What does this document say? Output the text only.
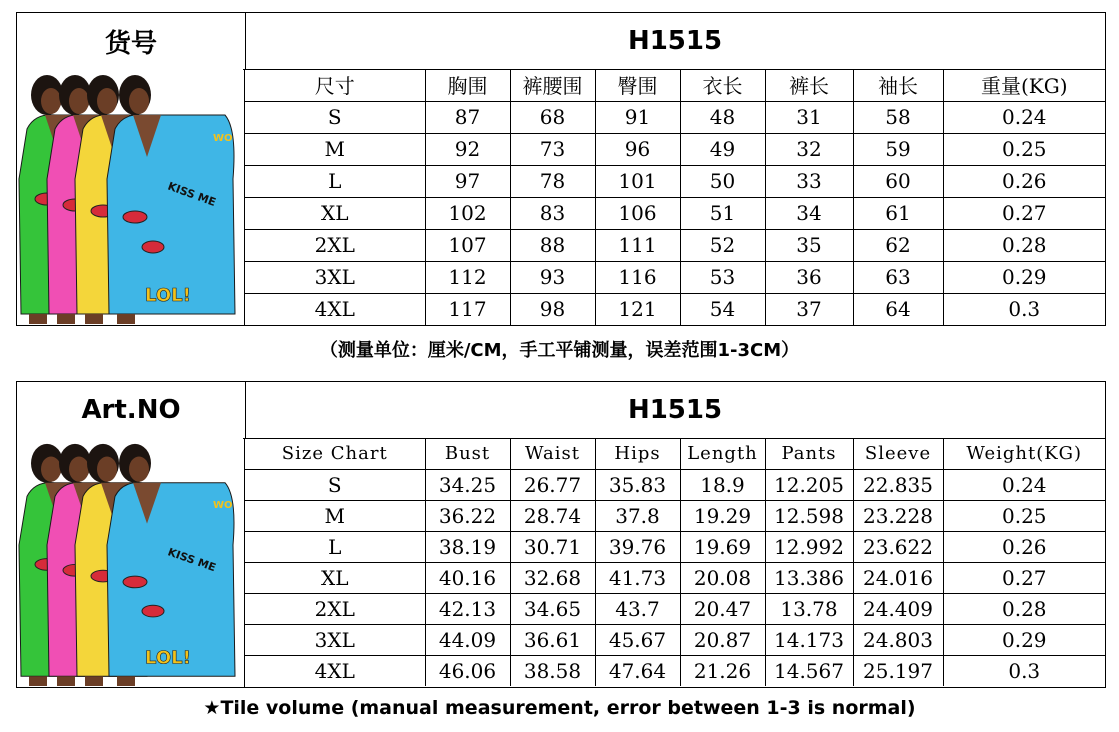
货号	H1515
KISS ME
LOL!
WO
尺寸	胸围	裤腰围	臀围	衣长	裤长	袖长	重量(KG)
S	87	68	91	48	31	58	0.24
M	92	73	96	49	32	59	0.25
L	97	78	101	50	33	60	0.26
XL	102	83	106	51	34	61	0.27
2XL	107	88	111	52	35	62	0.28
3XL	112	93	116	53	36	63	0.29
4XL	117	98	121	54	37	64	0.3
（测量单位：厘米/CM，手工平铺测量，误差范围1-3CM）
Art.NO	H1515
KISS ME
LOL!
WO
Size Chart	Bust	Waist	Hips	Length	Pants	Sleeve	Weight(KG)
S	34.25	26.77	35.83	18.9	12.205	22.835	0.24
M	36.22	28.74	37.8	19.29	12.598	23.228	0.25
L	38.19	30.71	39.76	19.69	12.992	23.622	0.26
XL	40.16	32.68	41.73	20.08	13.386	24.016	0.27
2XL	42.13	34.65	43.7	20.47	13.78	24.409	0.28
3XL	44.09	36.61	45.67	20.87	14.173	24.803	0.29
4XL	46.06	38.58	47.64	21.26	14.567	25.197	0.3
★Tile volume (manual measurement, error between 1-3 is normal)
